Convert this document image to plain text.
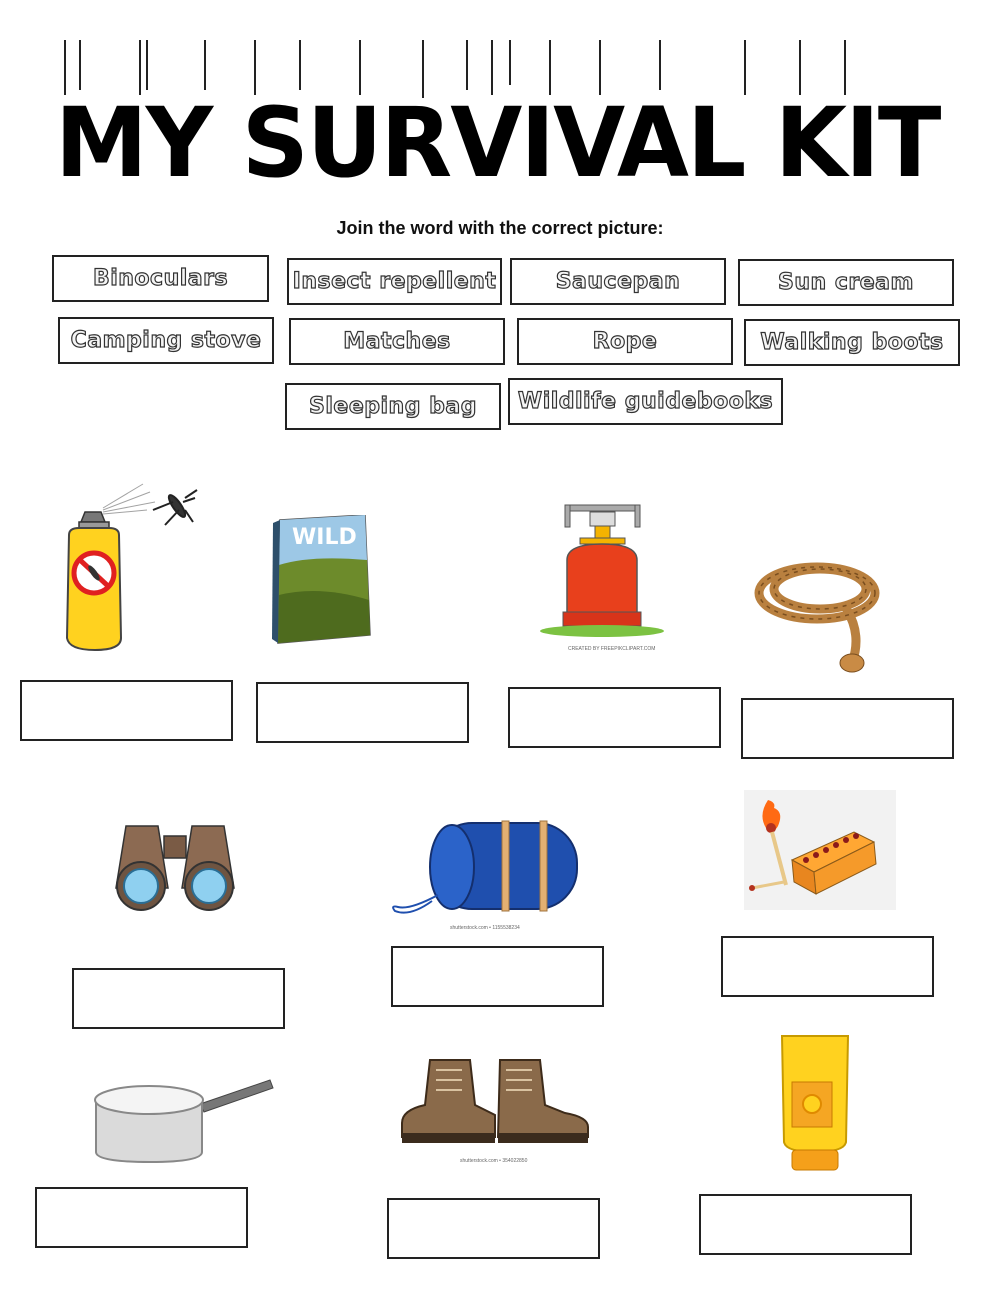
MY SURVIVAL KIT
Join the word with the correct picture:
Binoculars	Insect repellent	Saucepan	Sun cream
Camping stove	Matches	Rope	Walking boots
Sleeping bag	Wildlife guidebooks
WILD
CREATED BY FREEPIKCLIPART.COM
shutterstock.com • 1155538234
shutterstock.com • 354022850
